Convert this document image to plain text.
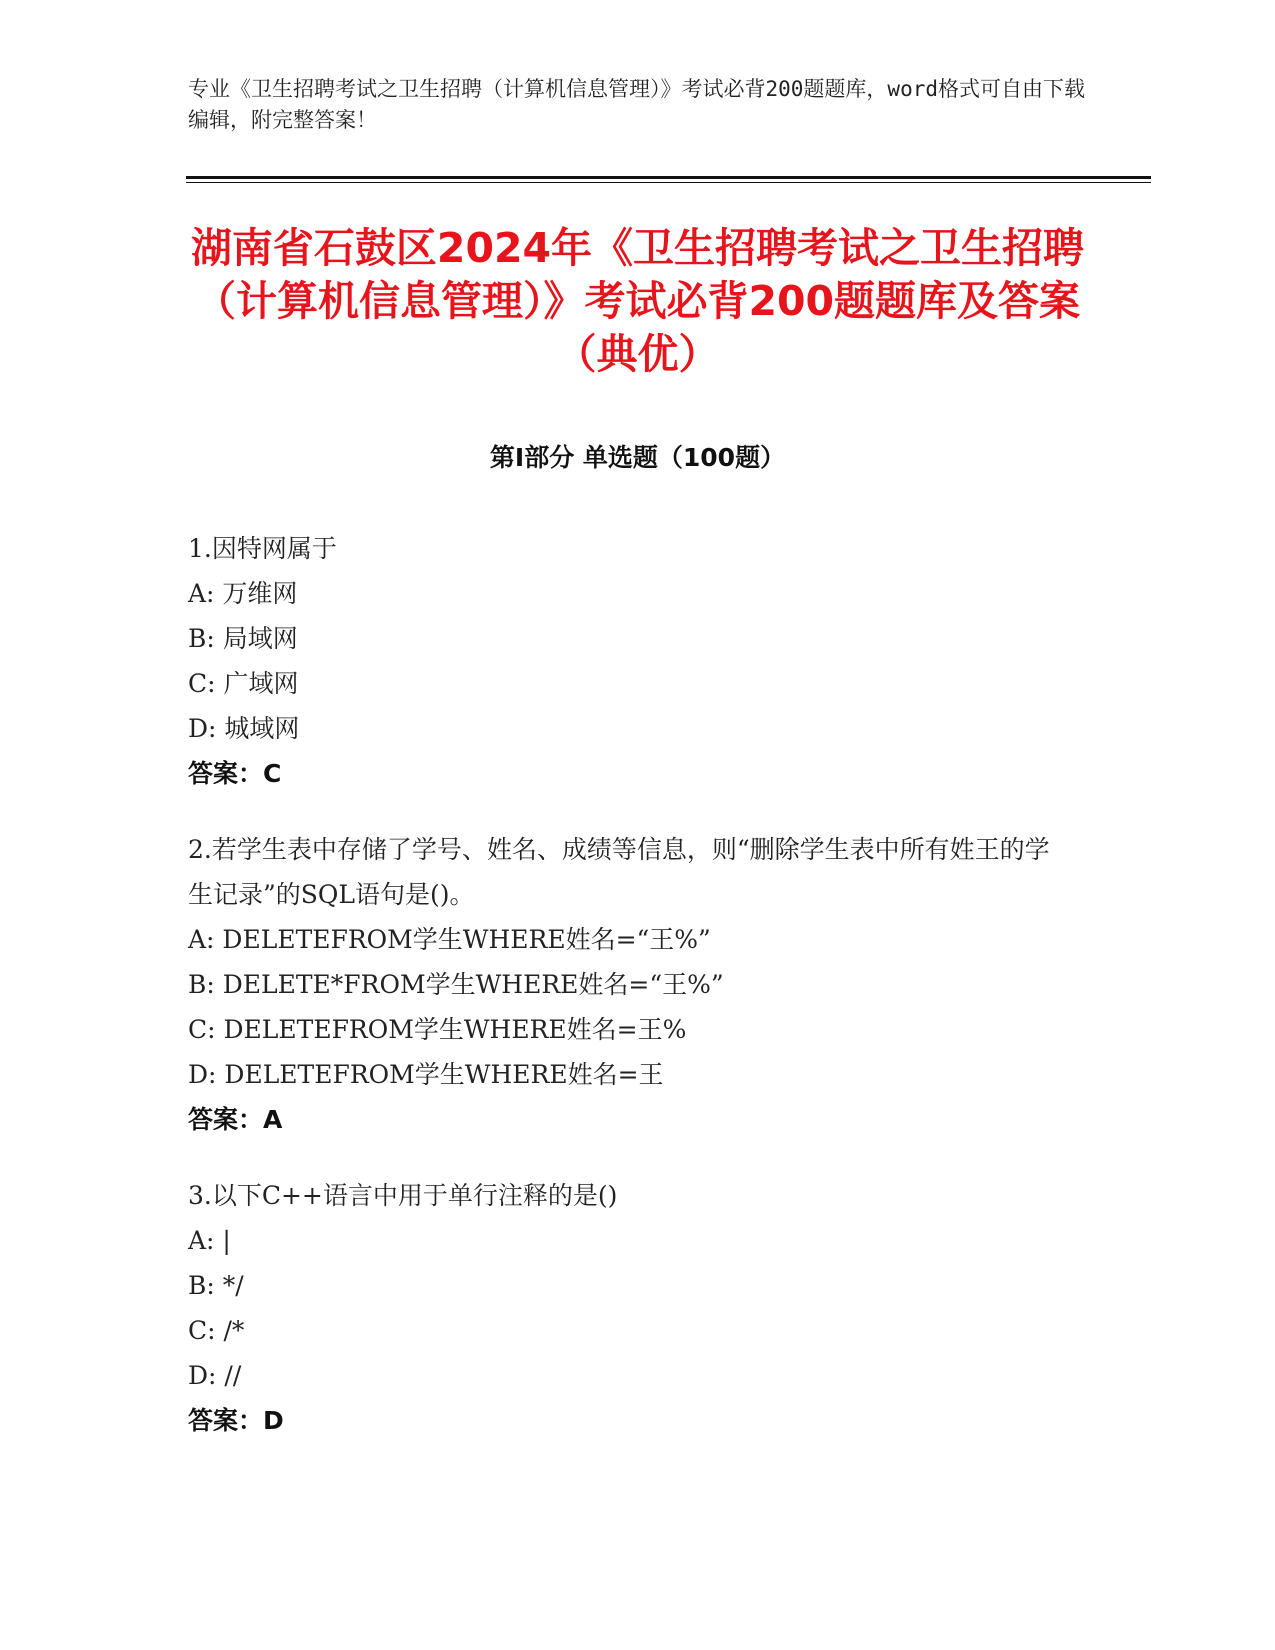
专业《卫生招聘考试之卫生招聘（计算机信息管理）》考试必背200题题库，word格式可自由下载编辑，附完整答案！
湖南省石鼓区2024年《卫生招聘考试之卫生招聘（计算机信息管理）》考试必背200题题库及答案（典优）
第Ⅰ部分 单选题（100题）
1.因特网属于
A: 万维网
B: 局域网
C: 广域网
D: 城域网
答案：C
2.若学生表中存储了学号、姓名、成绩等信息，则“删除学生表中所有姓王的学生记录”的SQL语句是()。
A: DELETEFROM学生WHERE姓名=“王%”
B: DELETE*FROM学生WHERE姓名=“王%”
C: DELETEFROM学生WHERE姓名=王%
D: DELETEFROM学生WHERE姓名=王
答案：A
3.以下C++语言中用于单行注释的是()
A: |
B: */
C: /*
D: //
答案：D
